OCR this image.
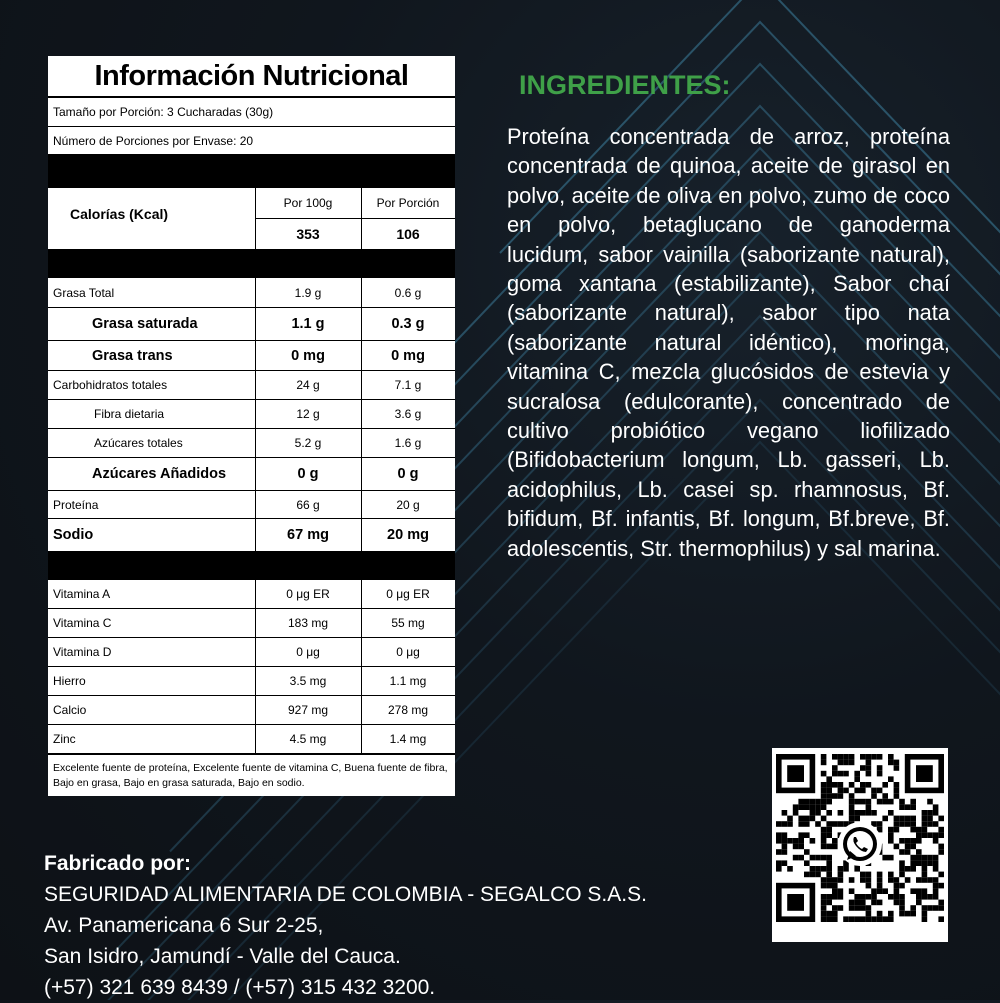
Información Nutricional
Tamaño por Porción: 3 Cucharadas (30g)
Número de Porciones por Envase: 20
Calorías (Kcal)
Por 100g	Por Porción
353	106
Grasa Total	1.9 g	0.6 g
Grasa saturada	1.1 g	0.3 g
Grasa trans	0 mg	0 mg
Carbohidratos totales	24 g	7.1 g
Fibra dietaria	12 g	3.6 g
Azúcares totales	5.2 g	1.6 g
Azúcares Añadidos	0 g	0 g
Proteína	66 g	20 g
Sodio	67 mg	20 mg
Vitamina A	0 μg ER	0 μg ER
Vitamina C	183 mg	55 mg
Vitamina D	0 μg	0 μg
Hierro	3.5 mg	1.1 mg
Calcio	927 mg	278 mg
Zinc	4.5 mg	1.4 mg
Excelente fuente de proteína, Excelente fuente de vitamina C, Buena fuente de fibra, Bajo en grasa, Bajo en grasa saturada, Bajo en sodio.
INGREDIENTES:
Proteína concentrada de arroz, proteína concentrada de quinoa, aceite de girasol en polvo, aceite de oliva en polvo, zumo de coco en polvo, betaglucano de ganoderma lucidum, sabor vainilla (saborizante natural), goma xantana (estabilizante), Sabor chaí (saborizante natural), sabor tipo nata (saborizante natural idéntico), moringa, vitamina C, mezcla glucósidos de estevia y sucralosa (edulcorante), concentrado de cultivo probiótico vegano liofilizado (Bifidobacterium longum, Lb. gasseri, Lb. acidophilus, Lb. casei sp. rhamnosus, Bf. bifidum, Bf. infantis, Bf. longum, Bf.breve, Bf. adolescentis, Str. thermophilus) y sal marina.
Fabricado por:
SEGURIDAD ALIMENTARIA DE COLOMBIA - SEGALCO S.A.S.
Av. Panamericana 6 Sur 2-25,
San Isidro, Jamundí - Valle del Cauca.
(+57) 321 639 8439 / (+57) 315 432 3200.
